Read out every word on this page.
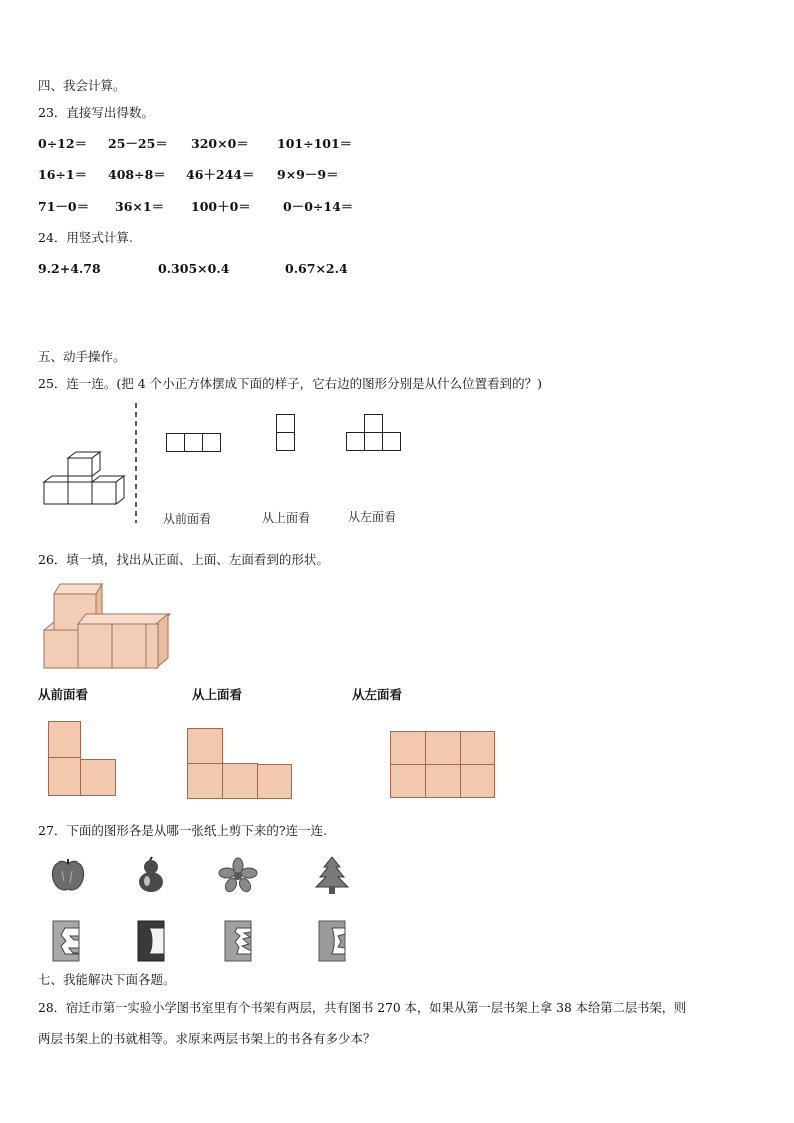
四、我会计算。
23．直接写出得数。
0÷12＝ 25－25＝ 320×0＝ 101÷101＝
16÷1＝ 408÷8＝ 46＋244＝ 9×9－9＝
71－0＝ 36×1＝ 100＋0＝	0－0÷14＝
24．用竖式计算.
9.2+4.78	0.305×0.4	0.67×2.4
五、动手操作。
25．连一连。(把 4 个小正方体摆成下面的样子，它右边的图形分别是从什么位置看到的？)
从前面看	从上面看	从左面看
26．填一填，找出从正面、上面、左面看到的形状。
从前面看	从上面看	从左面看
27．下面的图形各是从哪一张纸上剪下来的?连一连.
七、我能解决下面各题。
28．宿迁市第一实验小学图书室里有个书架有两层，共有图书 270 本，如果从第一层书架上拿 38 本给第二层书架，则
两层书架上的书就相等。求原来两层书架上的书各有多少本？
